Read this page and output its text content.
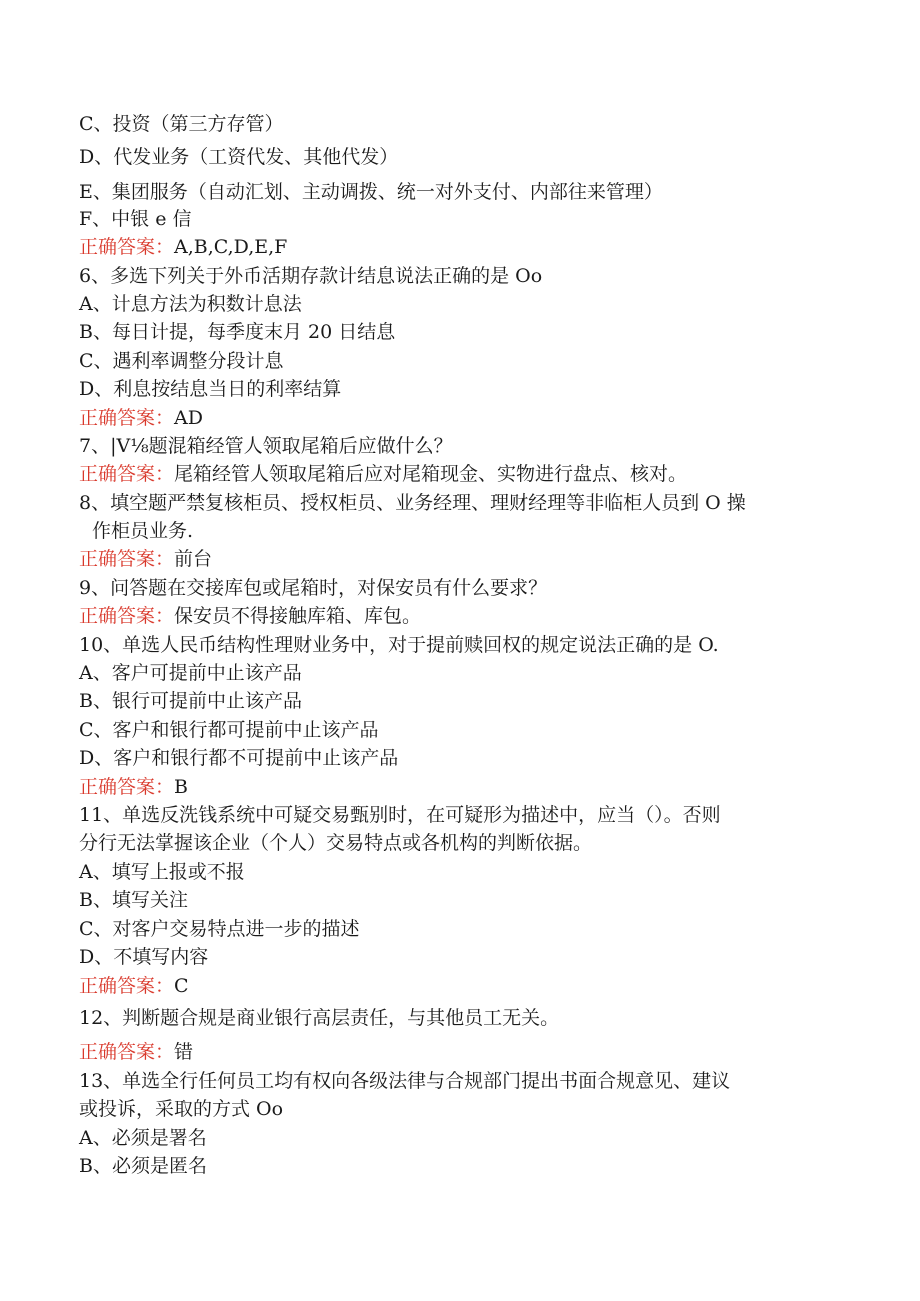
C、投资（第三方存管）
D、代发业务（工资代发、其他代发）
E、集团服务（自动汇划、主动调拨、统一对外支付、内部往来管理）
F、中银 e 信
正确答案：A,B,C,D,E,F
6、多选下列关于外币活期存款计结息说法正确的是 Oo
A、计息方法为积数计息法
B、每日计提，每季度末月 20 日结息
C、遇利率调整分段计息
D、利息按结息当日的利率结算
正确答案：AD
7、|V⅛题混箱经管人领取尾箱后应做什么？
正确答案：尾箱经管人领取尾箱后应对尾箱现金、实物进行盘点、核对。
8、填空题严禁复核柜员、授权柜员、业务经理、理财经理等非临柜人员到 O 操
作柜员业务.
正确答案：前台
9、问答题在交接库包或尾箱时，对保安员有什么要求？
正确答案：保安员不得接触库箱、库包。
10、单选人民币结构性理财业务中，对于提前赎回权的规定说法正确的是 O.
A、客户可提前中止该产品
B、银行可提前中止该产品
C、客户和银行都可提前中止该产品
D、客户和银行都不可提前中止该产品
正确答案：B
11、单选反洗钱系统中可疑交易甄别时，在可疑形为描述中，应当（）。否则
分行无法掌握该企业（个人）交易特点或各机构的判断依据。
A、填写上报或不报
B、填写关注
C、对客户交易特点进一步的描述
D、不填写内容
正确答案：C
12、判断题合规是商业银行高层责任，与其他员工无关。
正确答案：错
13、单选全行任何员工均有权向各级法律与合规部门提出书面合规意见、建议
或投诉，采取的方式 Oo
A、必须是署名
B、必须是匿名
